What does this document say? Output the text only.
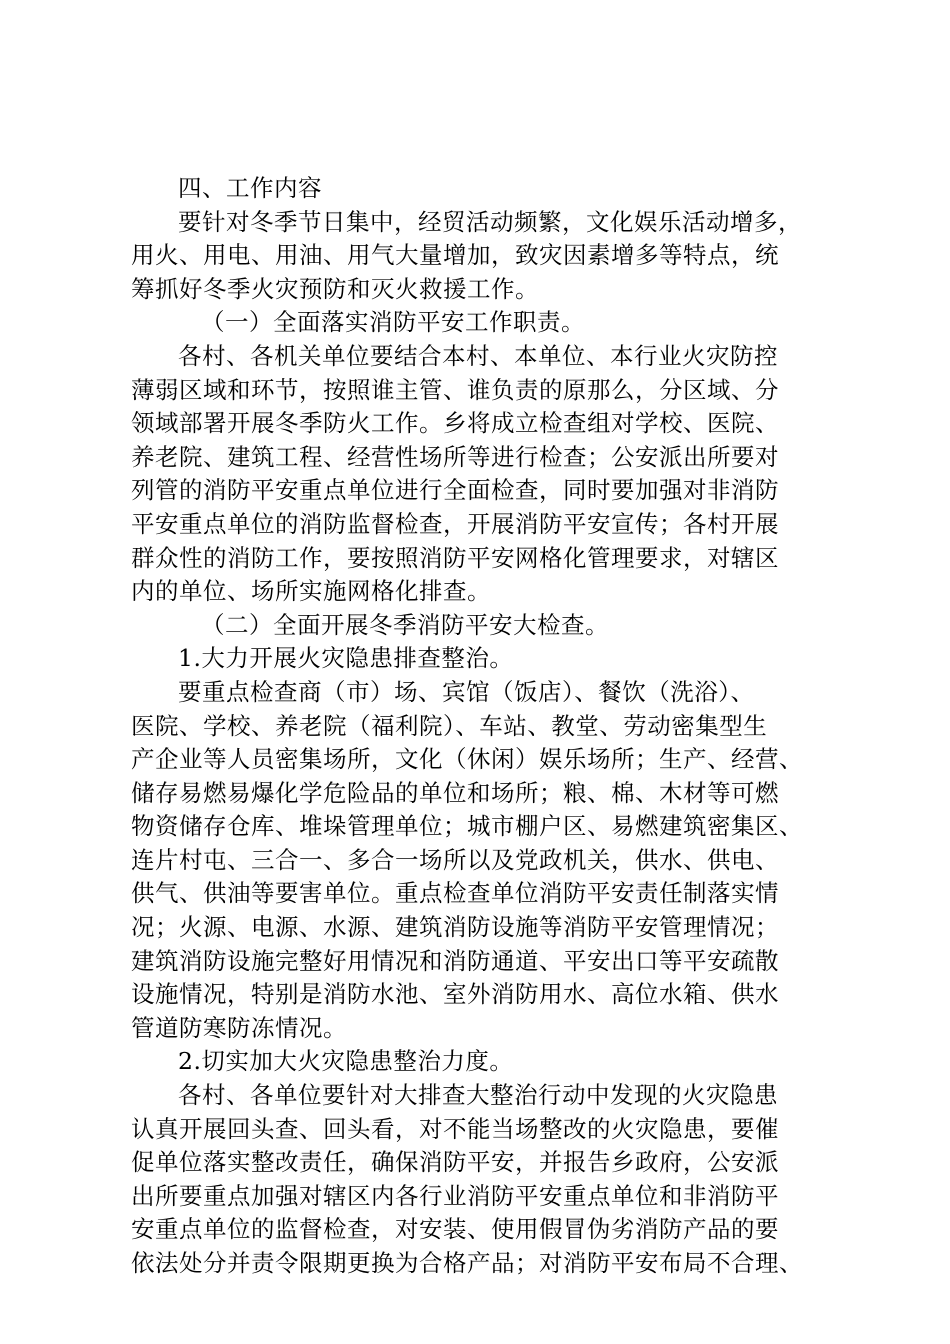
四、工作内容
要针对冬季节日集中，经贸活动频繁，文化娱乐活动增多，
用火、用电、用油、用气大量增加，致灾因素增多等特点，统
筹抓好冬季火灾预防和灭火救援工作。
（一）全面落实消防平安工作职责。
各村、各机关单位要结合本村、本单位、本行业火灾防控
薄弱区域和环节，按照谁主管、谁负责的原那么，分区域、分
领域部署开展冬季防火工作。乡将成立检查组对学校、医院、
养老院、建筑工程、经营性场所等进行检查；公安派出所要对
列管的消防平安重点单位进行全面检查，同时要加强对非消防
平安重点单位的消防监督检查，开展消防平安宣传；各村开展
群众性的消防工作，要按照消防平安网格化管理要求，对辖区
内的单位、场所实施网格化排查。
（二）全面开展冬季消防平安大检查。
1.大力开展火灾隐患排查整治。
要重点检查商（市）场、宾馆（饭店）、餐饮（洗浴）、
医院、学校、养老院（福利院）、车站、教堂、劳动密集型生
产企业等人员密集场所，文化（休闲）娱乐场所；生产、经营、
储存易燃易爆化学危险品的单位和场所；粮、棉、木材等可燃
物资储存仓库、堆垛管理单位；城市棚户区、易燃建筑密集区、
连片村屯、三合一、多合一场所以及党政机关，供水、供电、
供气、供油等要害单位。重点检查单位消防平安责任制落实情
况；火源、电源、水源、建筑消防设施等消防平安管理情况；
建筑消防设施完整好用情况和消防通道、平安出口等平安疏散
设施情况，特别是消防水池、室外消防用水、高位水箱、供水
管道防寒防冻情况。
2.切实加大火灾隐患整治力度。
各村、各单位要针对大排查大整治行动中发现的火灾隐患
认真开展回头查、回头看，对不能当场整改的火灾隐患，要催
促单位落实整改责任，确保消防平安，并报告乡政府，公安派
出所要重点加强对辖区内各行业消防平安重点单位和非消防平
安重点单位的监督检查，对安装、使用假冒伪劣消防产品的要
依法处分并责令限期更换为合格产品；对消防平安布局不合理、
